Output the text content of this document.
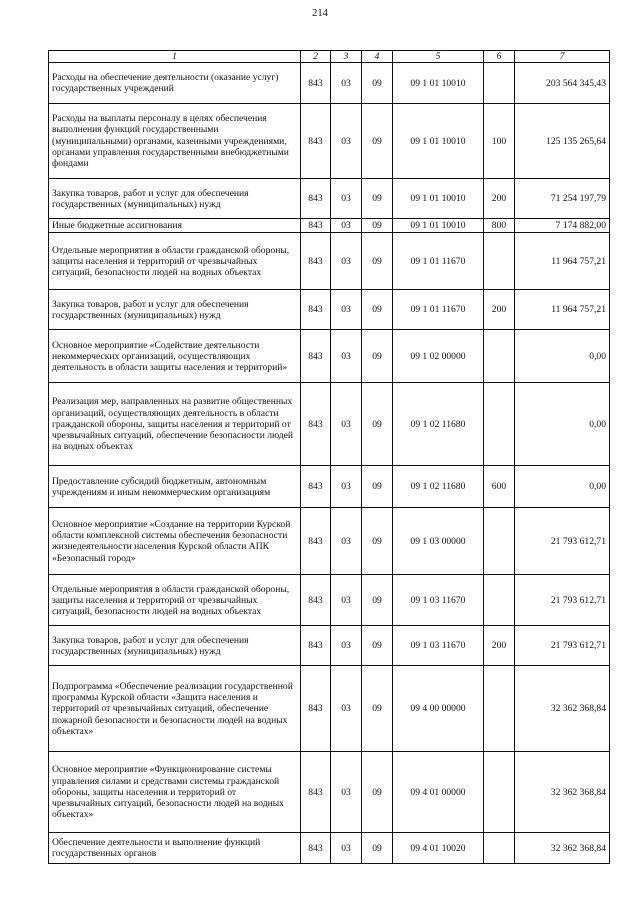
214
1	2	3	4	5	6	7
Расходы на обеспечение деятельности (оказание услуг) государственных учреждений	843	03	09	09 1 01 10010		203 564 345,43
Расходы на выплаты персоналу в целях обеспечения выполнения функций государственными (муниципальными) органами, казенными учреждениями, органами управления государственными внебюджетными фондами	843	03	09	09 1 01 10010	100	125 135 265,64
Закупка товаров, работ и услуг для обеспечения государственных (муниципальных) нужд	843	03	09	09 1 01 10010	200	71 254 197,79
Иные бюджетные ассигнования	843	03	09	09 1 01 10010	800	7 174 882,00
Отдельные мероприятия в области гражданской обороны, защиты населения и территорий от чрезвычайных ситуаций, безопасности людей на водных объектах	843	03	09	09 1 01 11670		11 964 757,21
Закупка товаров, работ и услуг для обеспечения государственных (муниципальных) нужд	843	03	09	09 1 01 11670	200	11 964 757,21
Основное мероприятие «Содействие деятельности некоммерческих организаций, осуществляющих деятельность в области защиты населения и территорий»	843	03	09	09 1 02 00000		0,00
Реализация мер, направленных на развитие общественных организаций, осуществляющих деятельность в области гражданской обороны, защиты населения и территорий от чрезвычайных ситуаций, обеспечение безопасности людей на водных объектах	843	03	09	09 1 02 11680		0,00
Предоставление субсидий бюджетным, автономным учреждениям и иным некоммерческим организациям	843	03	09	09 1 02 11680	600	0,00
Основное мероприятие «Создание на территории Курской области комплексной системы обеспечения безопасности жизнедеятельности населения Курской области АПК «Безопасный город»	843	03	09	09 1 03 00000		21 793 612,71
Отдельные мероприятия в области гражданской обороны, защиты населения и территорий от чрезвычайных ситуаций, безопасности людей на водных объектах	843	03	09	09 1 03 11670		21 793 612,71
Закупка товаров, работ и услуг для обеспечения государственных (муниципальных) нужд	843	03	09	09 1 03 11670	200	21 793 612,71
Подпрограмма «Обеспечение реализации государственной программы Курской области «Защита населения и территорий от чрезвычайных ситуаций, обеспечение пожарной безопасности и безопасности людей на водных объектах»	843	03	09	09 4 00 00000		32 362 368,84
Основное мероприятие «Функционирование системы управления силами и средствами системы гражданской обороны, защиты населения и территорий от чрезвычайных ситуаций, безопасности людей на водных объектах»	843	03	09	09 4 01 00000		32 362 368,84
Обеспечение деятельности и выполнение функций государственных органов	843	03	09	09 4 01 10020		32 362 368,84
